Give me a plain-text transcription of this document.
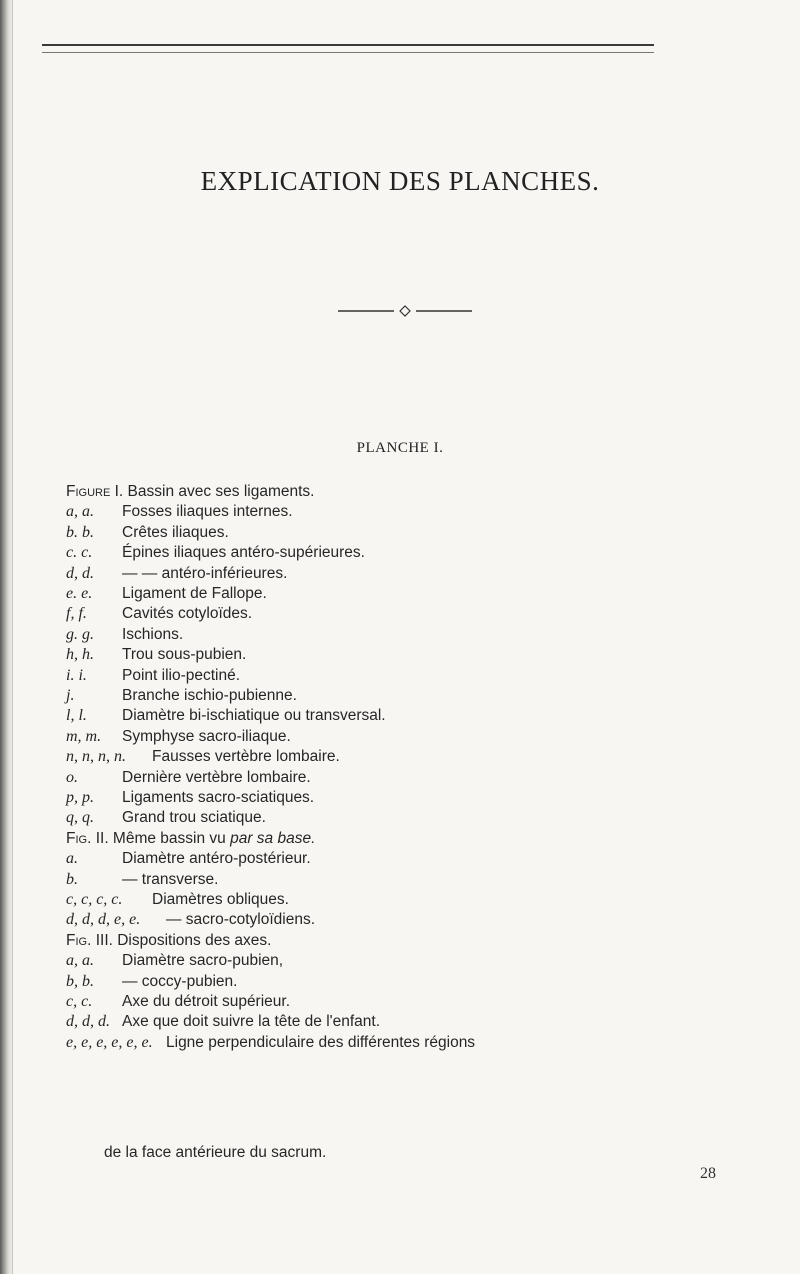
EXPLICATION DES PLANCHES.
PLANCHE I.
Figure I. Bassin avec ses ligaments.
a, a. Fosses iliaques internes.
b. b. Crêtes iliaques.
c. c. Épines iliaques antéro-supérieures.
d, d. — — antéro-inférieures.
e. e. Ligament de Fallope.
f, f. Cavités cotyloïdes.
g. g. Ischions.
h, h. Trou sous-pubien.
i. i. Point ilio-pectiné.
j.	Branche ischio-pubienne.
l, l. Diamètre bi-ischiatique ou transversal.
m, m. Symphyse sacro-iliaque.
n, n, n, n. Fausses vertèbre lombaire.
o.	Dernière vertèbre lombaire.
p, p. Ligaments sacro-sciatiques.
q, q. Grand trou sciatique.
Fig. II. Même bassin vu par sa base.
a.	Diamètre antéro-postérieur.
b.	— transverse.
c, c, c, c. Diamètres obliques.
d, d, d, e, e. — sacro-cotyloïdiens.
Fig. III. Dispositions des axes.
a, a. Diamètre sacro-pubien,
b, b. — coccy-pubien.
c, c. Axe du détroit supérieur.
d, d, d. Axe que doit suivre la tête de l'enfant.
e, e, e, e, e, e. Ligne perpendiculaire des différentes régions
de la face antérieure du sacrum.
28
